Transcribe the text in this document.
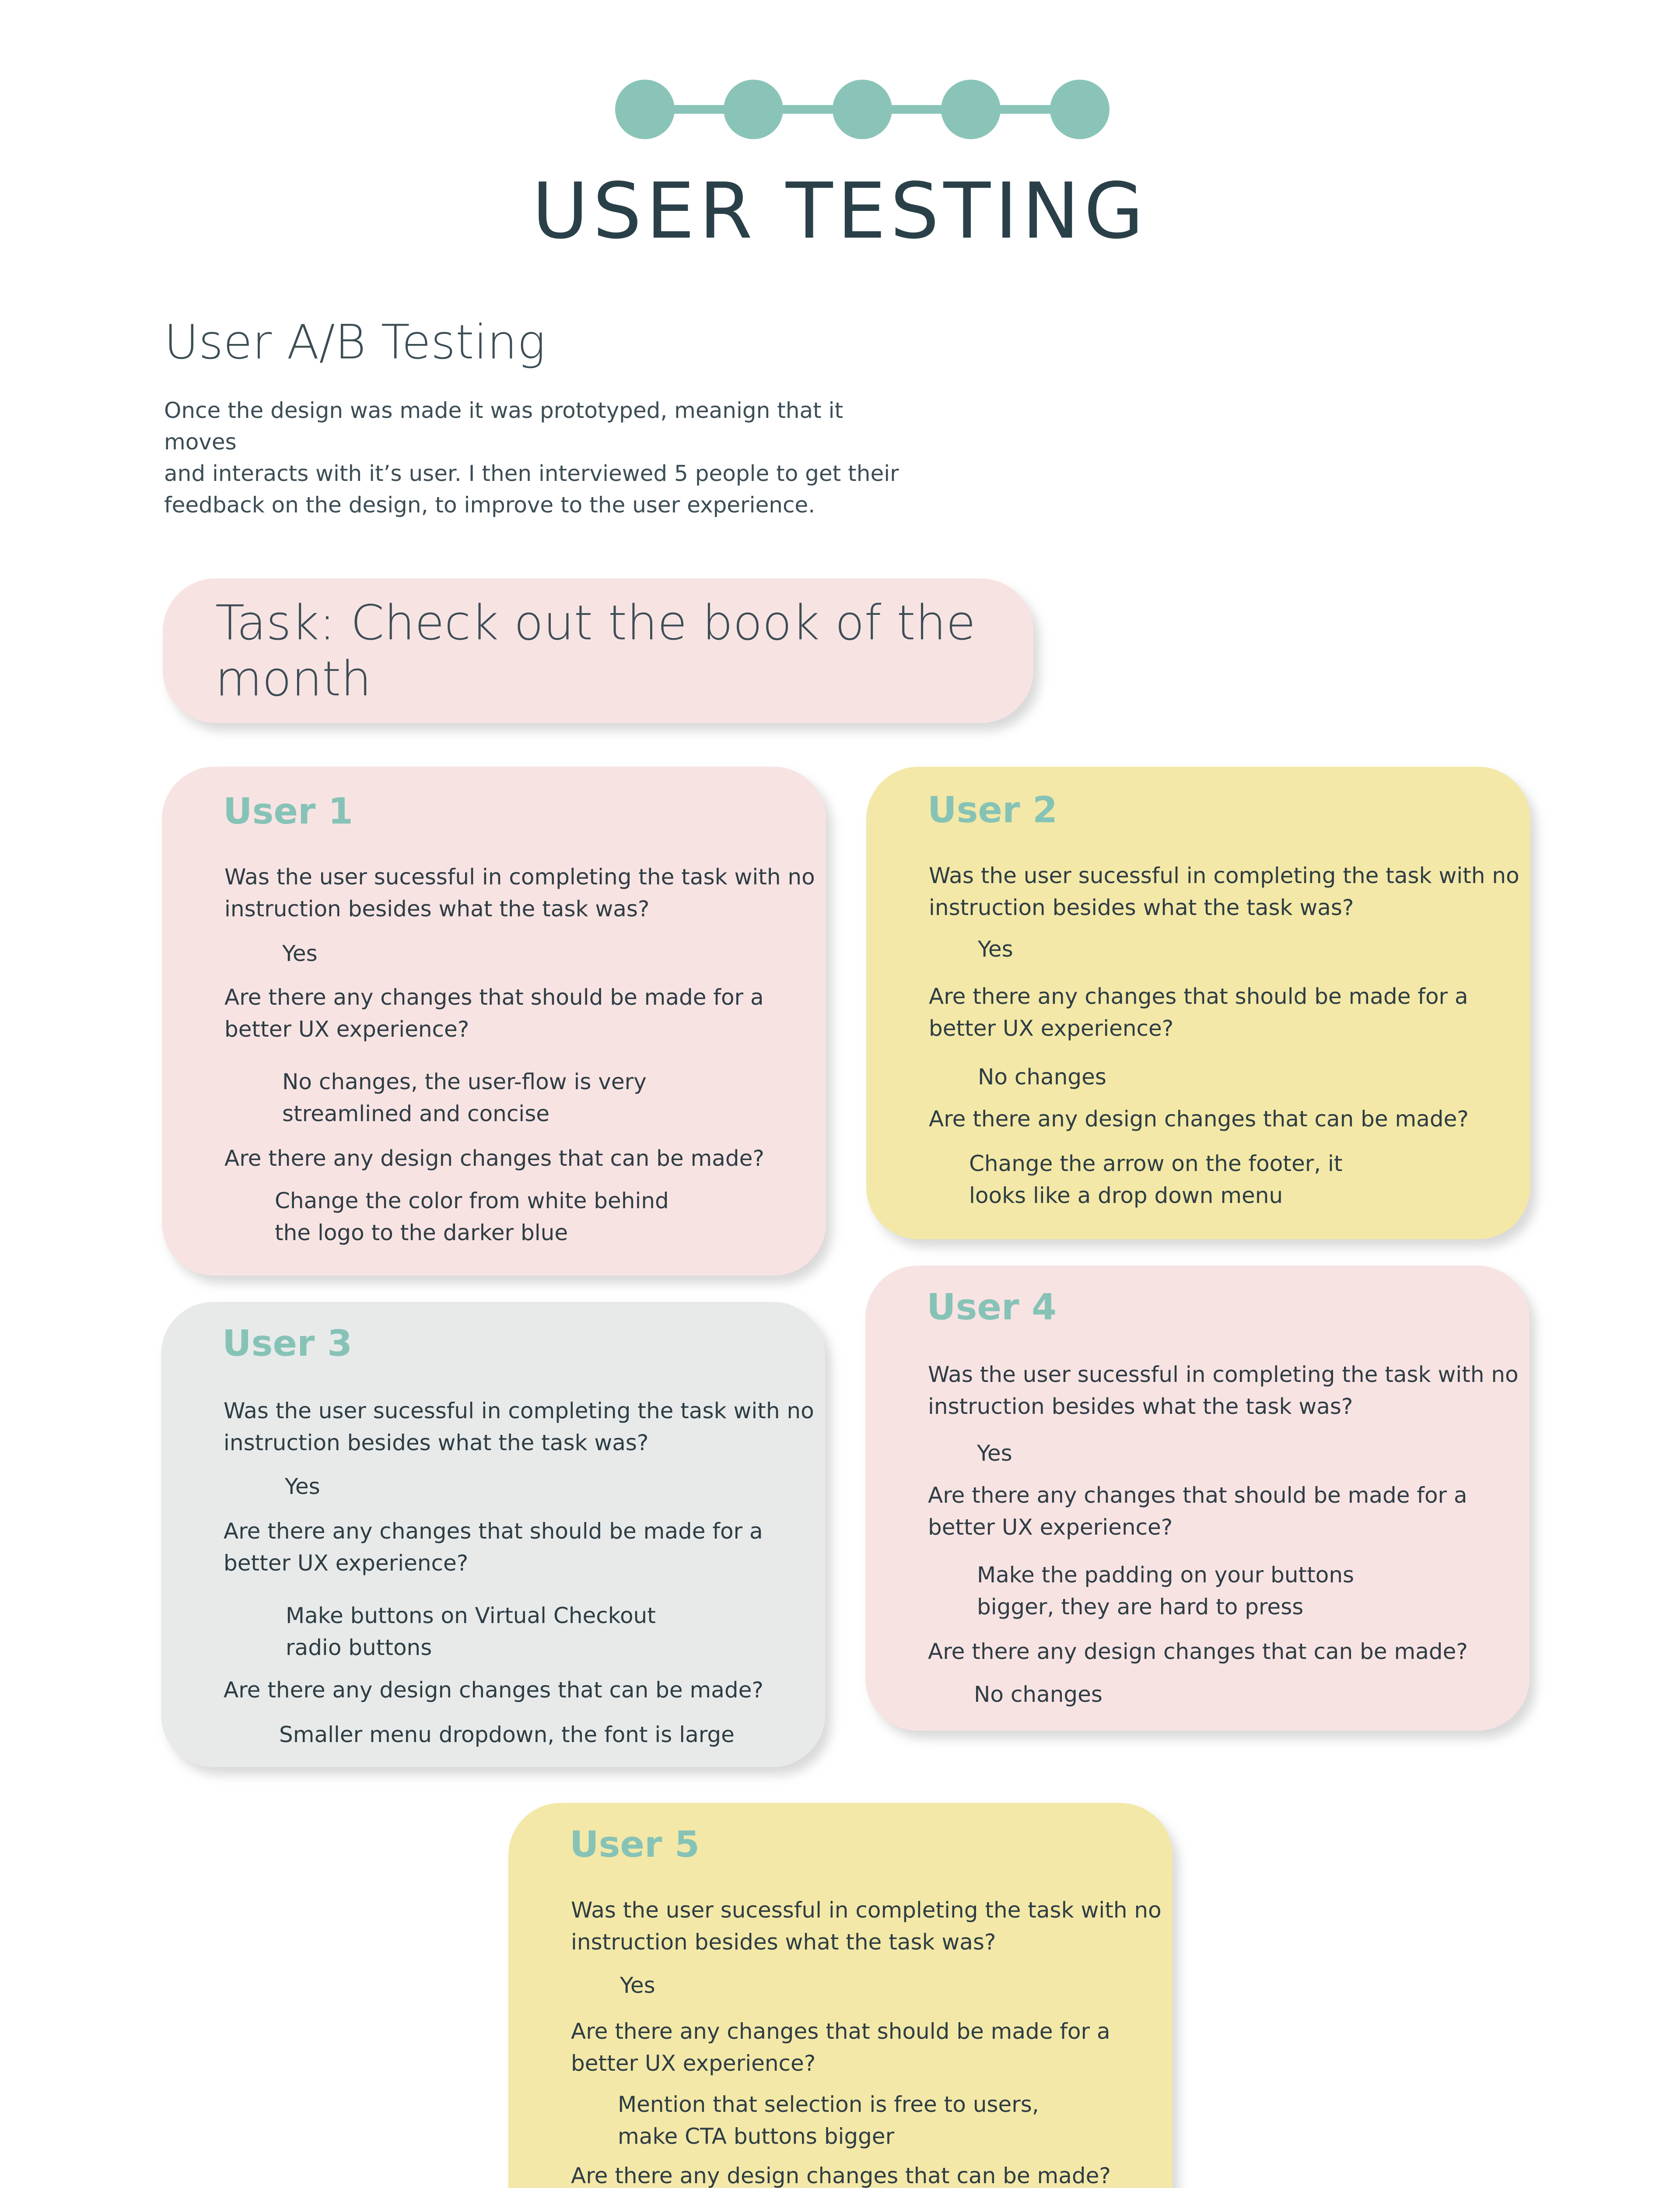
USER TESTING
User A/B Testing
Once the design was made it was prototyped, meanign that it moves
and interacts with it’s user. I then interviewed 5 people to get their
feedback on the design, to improve to the user experience.
Task: Check out the book of the month
User 1
Was the user sucessful in completing the task with no
instruction besides what the task was?
Yes
Are there any changes that should be made for a
better UX experience?
No changes, the user-flow is very
streamlined and concise
Are there any design changes that can be made?
Change the color from white behind
the logo to the darker blue
User 2
Was the user sucessful in completing the task with no
instruction besides what the task was?
Yes
Are there any changes that should be made for a
better UX experience?
No changes
Are there any design changes that can be made?
Change the arrow on the footer, it
looks like a drop down menu
User 3
Was the user sucessful in completing the task with no
instruction besides what the task was?
Yes
Are there any changes that should be made for a
better UX experience?
Make buttons on Virtual Checkout
radio buttons
Are there any design changes that can be made?
Smaller menu dropdown, the font is large
User 4
Was the user sucessful in completing the task with no
instruction besides what the task was?
Yes
Are there any changes that should be made for a
better UX experience?
Make the padding on your buttons
bigger, they are hard to press
Are there any design changes that can be made?
No changes
User 5
Was the user sucessful in completing the task with no
instruction besides what the task was?
Yes
Are there any changes that should be made for a
better UX experience?
Mention that selection is free to users,
make CTA buttons bigger
Are there any design changes that can be made?
